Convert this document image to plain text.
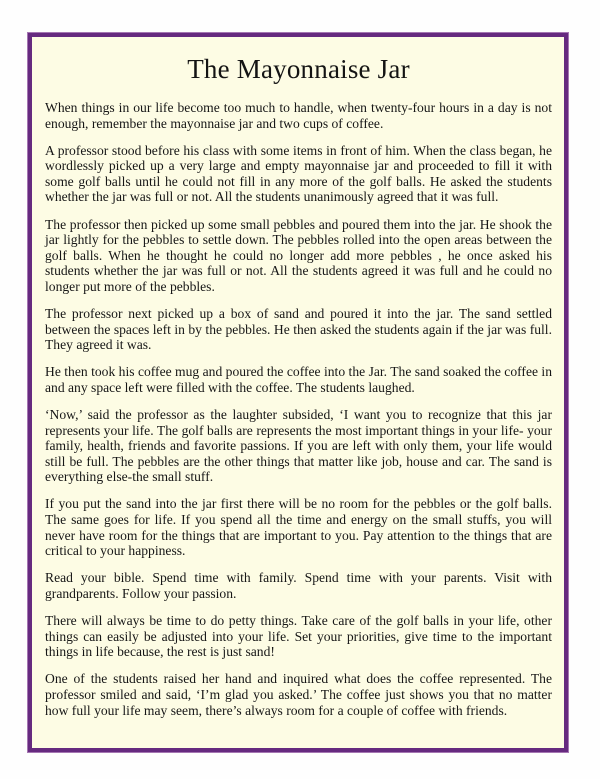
The Mayonnaise Jar

When things in our life become too much to handle, when twenty-four hours in a day is not enough, remember the mayonnaise jar and two cups of coffee.

A professor stood before his class with some items in front of him. When the class began, he wordlessly picked up a very large and empty mayonnaise jar and proceeded to fill it with some golf balls until he could not fill in any more of the golf balls. He asked the students whether the jar was full or not. All the students unanimously agreed that it was full.

The professor then picked up some small pebbles and poured them into the jar. He shook the jar lightly for the pebbles to settle down. The pebbles rolled into the open areas between the golf balls. When he thought he could no longer add more pebbles , he once asked his students whether the jar was full or not. All the students agreed it was full and he could no longer put more of the pebbles.

The professor next picked up a box of sand and poured it into the jar. The sand settled between the spaces left in by the pebbles. He then asked the students again if the jar was full. They agreed it was.

He then took his coffee mug and poured the coffee into the Jar. The sand soaked the coffee in and any space left were filled with the coffee. The students laughed.

‘Now,’ said the professor as the laughter subsided, ‘I want you to recognize that this jar represents your life. The golf balls are represents the most important things in your life- your family, health, friends and favorite passions. If you are left with only them, your life would still be full. The pebbles are the other things that matter like job, house and car. The sand is everything else-the small stuff.

If you put the sand into the jar first there will be no room for the pebbles or the golf balls. The same goes for life. If you spend all the time and energy on the small stuffs, you will never have room for the things that are important to you. Pay attention to the things that are critical to your happiness.

Read your bible. Spend time with family. Spend time with your parents. Visit with grandparents. Follow your passion.

There will always be time to do petty things. Take care of the golf balls in your life, other things can easily be adjusted into your life. Set your priorities, give time to the important things in life because, the rest is just sand!

One of the students raised her hand and inquired what does the coffee represented. The professor smiled and said, ‘I’m glad you asked.’ The coffee just shows you that no matter how full your life may seem, there’s always room for a couple of coffee with friends.
